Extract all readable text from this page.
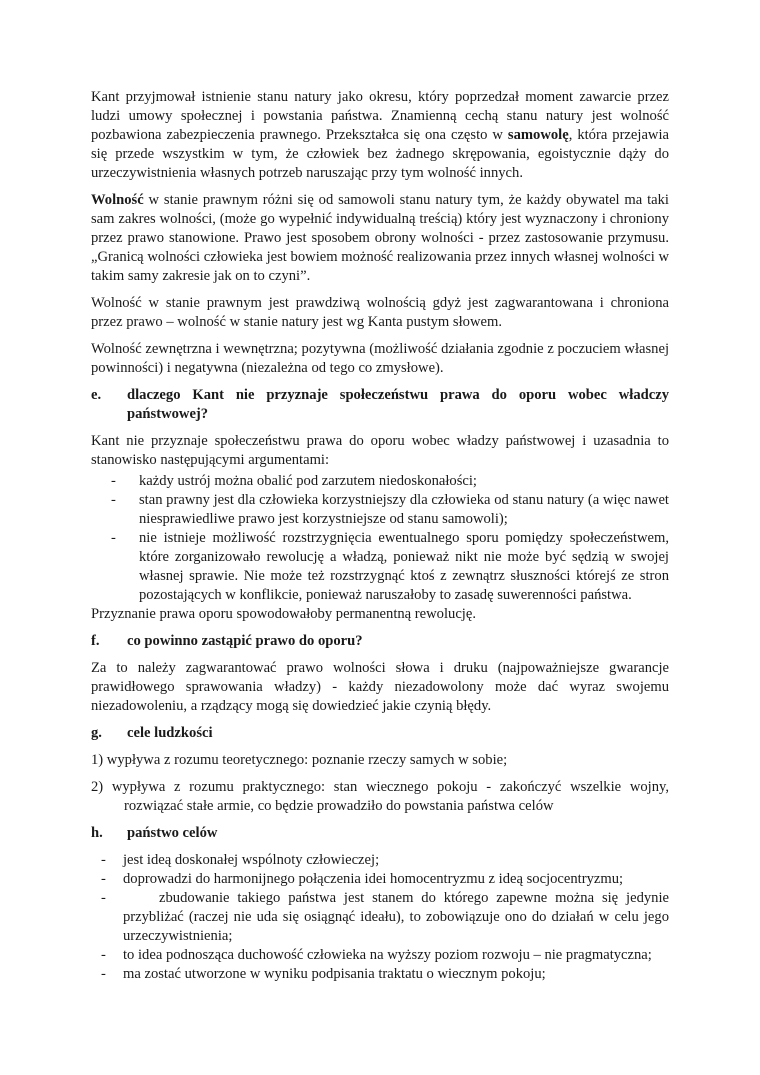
Kant przyjmował istnienie stanu natury jako okresu, który poprzedzał moment zawarcie przez ludzi umowy społecznej i powstania państwa. Znamienną cechą stanu natury jest wolność pozbawiona zabezpieczenia prawnego. Przekształca się ona często w samowolę, która przejawia się przede wszystkim w tym, że człowiek bez żadnego skrępowania, egoistycznie dąży do urzeczywistnienia własnych potrzeb naruszając przy tym wolność innych.

Wolność w stanie prawnym różni się od samowoli stanu natury tym, że każdy obywatel ma taki sam zakres wolności, (może go wypełnić indywidualną treścią) który jest wyznaczony i chroniony przez prawo stanowione. Prawo jest sposobem obrony wolności - przez zastosowanie przymusu. „Granicą wolności człowieka jest bowiem możność realizowania przez innych własnej wolności w takim samy zakresie jak on to czyni”.

Wolność w stanie prawnym jest prawdziwą wolnością gdyż jest zagwarantowana i chroniona przez prawo – wolność w stanie natury jest wg Kanta pustym słowem.

Wolność zewnętrzna i wewnętrzna; pozytywna (możliwość działania zgodnie z poczuciem własnej powinności) i negatywna (niezależna od tego co zmysłowe).

e.	dlaczego Kant nie przyznaje społeczeństwu prawa do oporu wobec władczy państwowej?
Kant nie przyznaje społeczeństwu prawa do oporu wobec władzy państwowej i uzasadnia to stanowisko następującymi argumentami:
-	każdy ustrój można obalić pod zarzutem niedoskonałości;
-	stan prawny jest dla człowieka korzystniejszy dla człowieka od stanu natury (a więc nawet niesprawiedliwe prawo jest korzystniejsze od stanu samowoli);
-	nie istnieje możliwość rozstrzygnięcia ewentualnego sporu pomiędzy społeczeństwem, które zorganizowało rewolucję a władzą, ponieważ nikt nie może być sędzią w swojej własnej sprawie. Nie może też rozstrzygnąć ktoś z zewnątrz słuszności którejś ze stron pozostających w konflikcie, ponieważ naruszałoby to zasadę suwerenności państwa.
Przyznanie prawa oporu spowodowałoby permanentną rewolucję.
f.	co powinno zastąpić prawo do oporu?

Za to należy zagwarantować prawo wolności słowa i druku (najpoważniejsze gwarancje prawidłowego sprawowania władzy) - każdy niezadowolony może dać wyraz swojemu niezadowoleniu, a rządzący mogą się dowiedzieć jakie czynią błędy.

g.	cele ludzkości
1) wypływa z rozumu teoretycznego: poznanie rzeczy samych w sobie;
2) wypływa z rozumu praktycznego: stan wiecznego pokoju - zakończyć wszelkie wojny, rozwiązać stałe armie, co będzie prowadziło do powstania państwa celów
h.	państwo celów
-	jest ideą doskonałej wspólnoty człowieczej;
-	doprowadzi do harmonijnego połączenia idei homocentryzmu z ideą socjocentryzmu;
-	zbudowanie takiego państwa jest stanem do którego zapewne można się jedynie przybliżać (raczej nie uda się osiągnąć ideału), to zobowiązuje ono do działań w celu jego urzeczywistnienia;
-	to idea podnosząca duchowość człowieka na wyższy poziom rozwoju – nie pragmatyczna;
-	ma zostać utworzone w wyniku podpisania traktatu o wiecznym pokoju;
